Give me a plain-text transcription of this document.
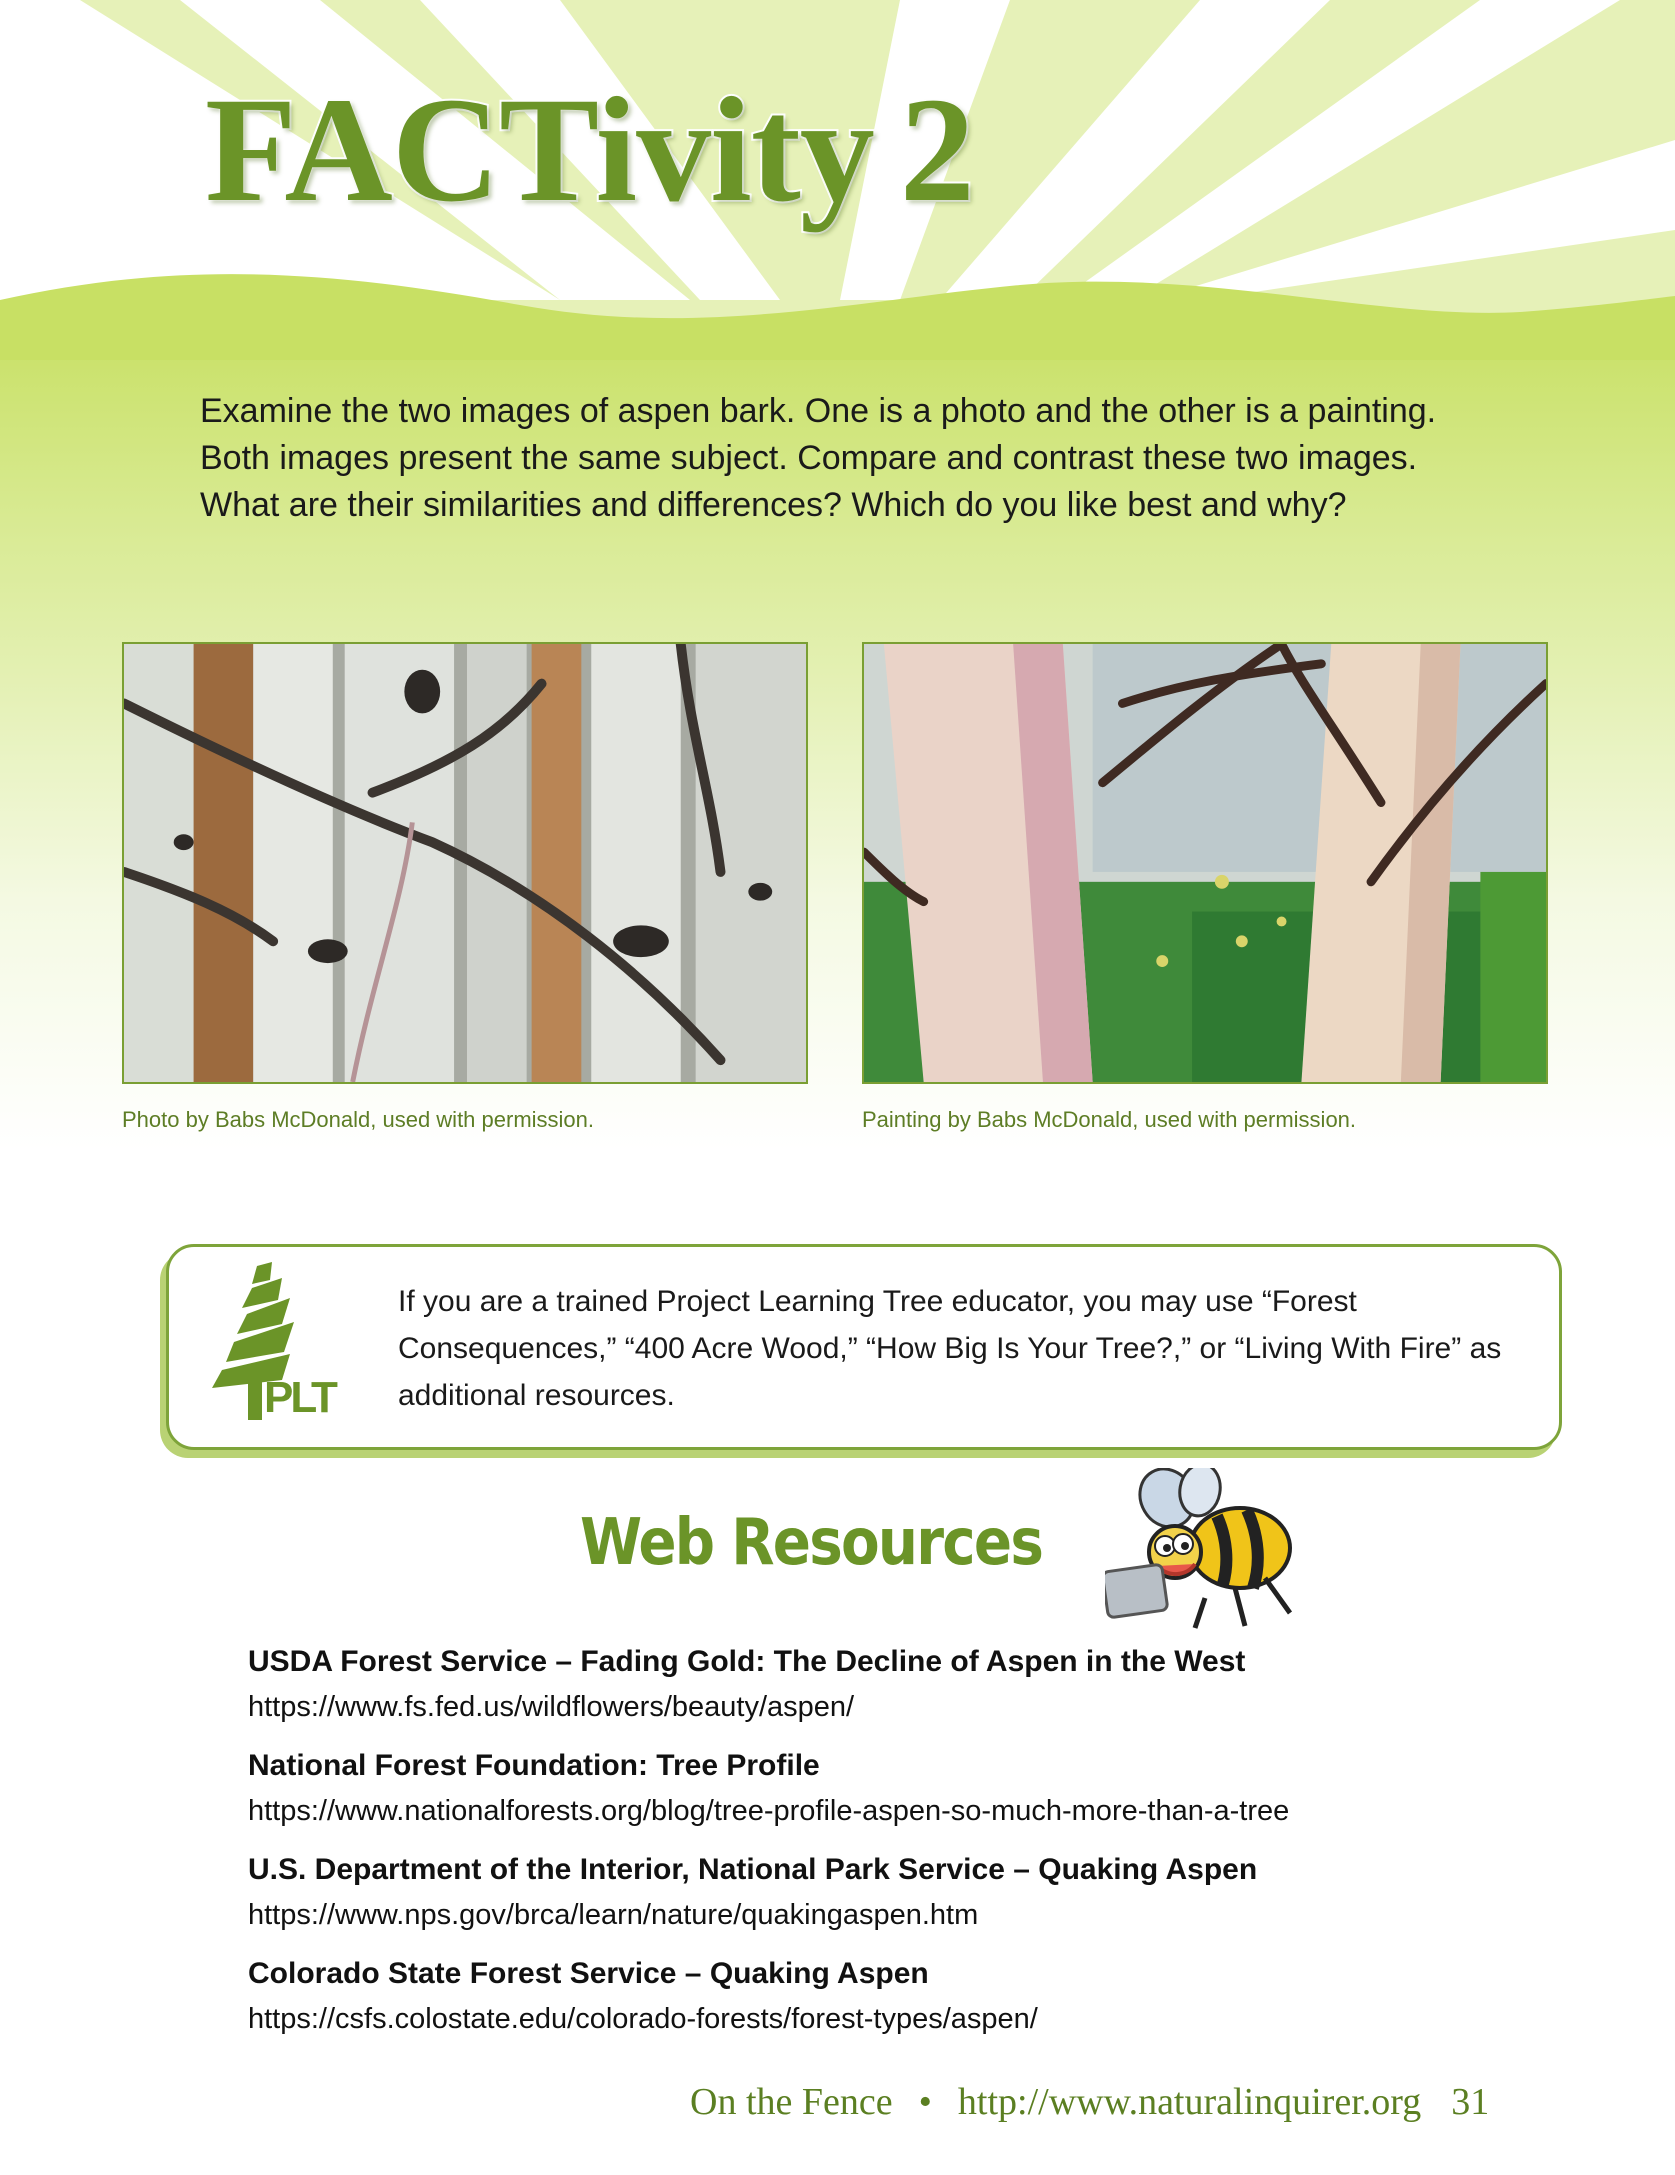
FACTivity 2

Examine the two images of aspen bark. One is a photo and the other is a painting. Both images present the same subject. Compare and contrast these two images. What are their similarities and differences? Which do you like best and why?

Photo by Babs McDonald, used with permission.	Painting by Babs McDonald, used with permission.

PLT

If you are a trained Project Learning Tree educator, you may use “Forest Consequences,” “400 Acre Wood,” “How Big Is Your Tree?,” or “Living With Fire” as additional resources.

Web Resources
USDA Forest Service – Fading Gold: The Decline of Aspen in the West
https://www.fs.fed.us/wildflowers/beauty/aspen/
National Forest Foundation: Tree Profile
https://www.nationalforests.org/blog/tree-profile-aspen-so-much-more-than-a-tree
U.S. Department of the Interior, National Park Service – Quaking Aspen
https://www.nps.gov/brca/learn/nature/quakingaspen.htm
Colorado State Forest Service – Quaking Aspen
https://csfs.colostate.edu/colorado-forests/forest-types/aspen/

On the Fence • http://www.naturalinquirer.org 31
